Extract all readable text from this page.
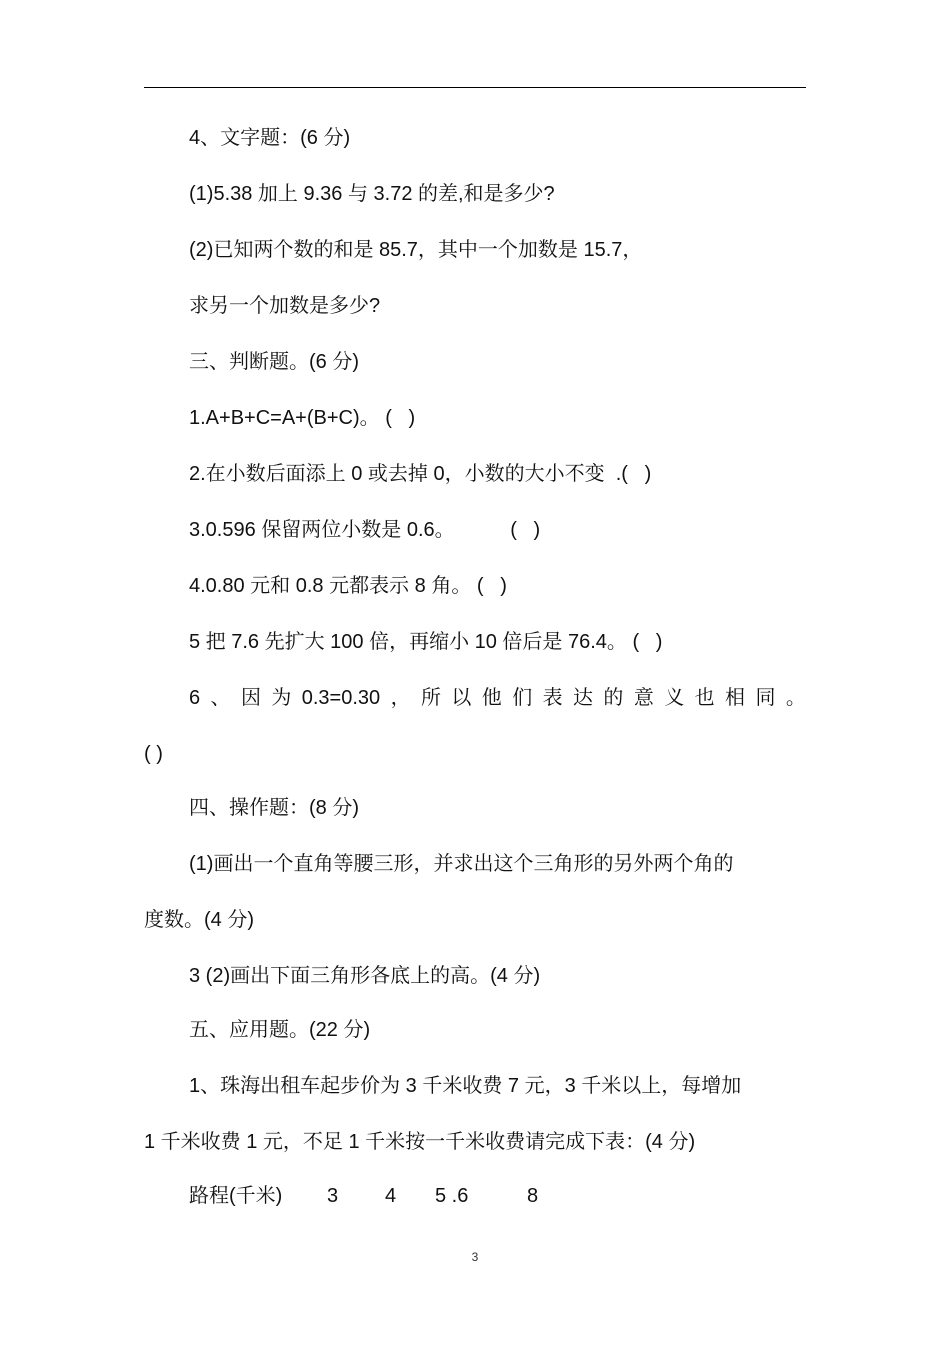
4、文字题：(6 分)
(1)5.38 加上 9.36 与 3.72 的差,和是多少?
(2)已知两个数的和是 85.7，其中一个加数是 15.7，
求另一个加数是多少?
三、判断题。(6 分)
1.A+B+C=A+(B+C)。 (   )
2.在小数后面添上 0 或去掉 0，小数的大小不变  .(   )
3.0.596 保留两位小数是 0.6。          (   )
4.0.80 元和 0.8 元都表示 8 角。 (   )
5 把 7.6 先扩大 100 倍，再缩小 10 倍后是 76.4。 (   )
6 、 因 为 0.3=0.30 ， 所 以 他 们 表 达 的 意 义 也 相 同 。
( )
四、操作题：(8 分)
(1)画出一个直角等腰三形，并求出这个三角形的另外两个角的
度数。(4 分)
3 (2)画出下面三角形各底上的高。(4 分)
五、应用题。(22 分)
1、珠海出租车起步价为 3 千米收费 7 元，3 千米以上，每增加
1 千米收费 1 元，不足 1 千米按一千米收费请完成下表：(4 分)

路程(千米)

3

4

5 .6

	8

3
